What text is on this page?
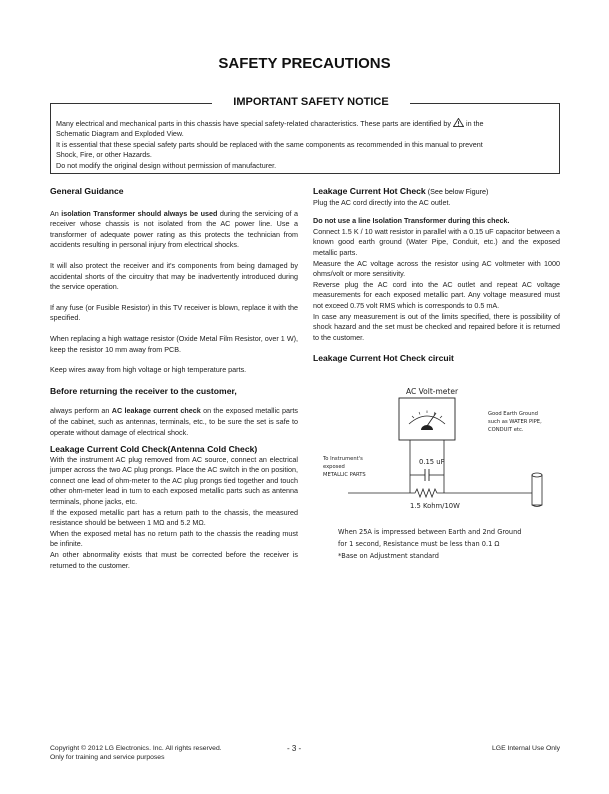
SAFETY PRECAUTIONS
IMPORTANT SAFETY NOTICE

Many electrical and mechanical parts in this chassis have special safety-related characteristics. These parts are identified by in the

Schematic Diagram and Exploded View.

It is essential that these special safety parts should be replaced with the same components as recommended in this manual to prevent

Shock, Fire, or other Hazards.

Do not modify the original design without permission of manufacturer.

General Guidance

An isolation Transformer should always be used during the servicing of a receiver whose chassis is not isolated from the AC power line. Use a transformer of adequate power rating as this protects the technician from accidents resulting in personal injury from electrical shocks.

It will also protect the receiver and it's components from being damaged by accidental shorts of the circuitry that may be inadvertently introduced during the service operation.

If any fuse (or Fusible Resistor) in this TV receiver is blown, replace it with the specified.

When replacing a high wattage resistor (Oxide Metal Film Resistor, over 1 W), keep the resistor 10 mm away from PCB.

Keep wires away from high voltage or high temperature parts.

Before returning the receiver to the customer,

always perform an AC leakage current check on the exposed metallic parts of the cabinet, such as antennas, terminals, etc., to be sure the set is safe to operate without damage of electrical shock.

Leakage Current Cold Check(Antenna Cold Check)

With the instrument AC plug removed from AC source, connect an electrical jumper across the two AC plug prongs. Place the AC switch in the on position, connect one lead of ohm-meter to the AC plug prongs tied together and touch other ohm-meter lead in turn to each exposed metallic parts such as antenna terminals, phone jacks, etc.

If the exposed metallic part has a return path to the chassis, the measured resistance should be between 1 MΩ and 5.2 MΩ.

When the exposed metal has no return path to the chassis the reading must be infinite.

An other abnormality exists that must be corrected before the receiver is returned to the customer.

Leakage Current Hot Check (See below Figure)

Plug the AC cord directly into the AC outlet.

Do not use a line Isolation Transformer during this check.

Connect 1.5 K / 10 watt resistor in parallel with a 0.15 uF capacitor between a known good earth ground (Water Pipe, Conduit, etc.) and the exposed metallic parts.

Measure the AC voltage across the resistor using AC voltmeter with 1000 ohms/volt or more sensitivity.

Reverse plug the AC cord into the AC outlet and repeat AC voltage measurements for each exposed metallic part. Any voltage measured must not exceed 0.75 volt RMS which is corresponds to 0.5 mA.

In case any measurement is out of the limits specified, there is possibility of shock hazard and the set must be checked and repaired before it is returned to the customer.

Leakage Current Hot Check circuit
AC Volt-meter
0.15 uF
1.5 Kohm/10W
To Instrument's
exposed
METALLIC PARTS
Good Earth Ground
such as WATER PIPE,
CONDUIT etc.
When 25A is impressed between Earth and 2nd Ground
for 1 second, Resistance must be less than 0.1 Ω
*Base on Adjustment standard
Copyright © 2012 LG Electronics. Inc. All rights reserved.
Only for training and service purposes
- 3 -	LGE Internal Use Only
